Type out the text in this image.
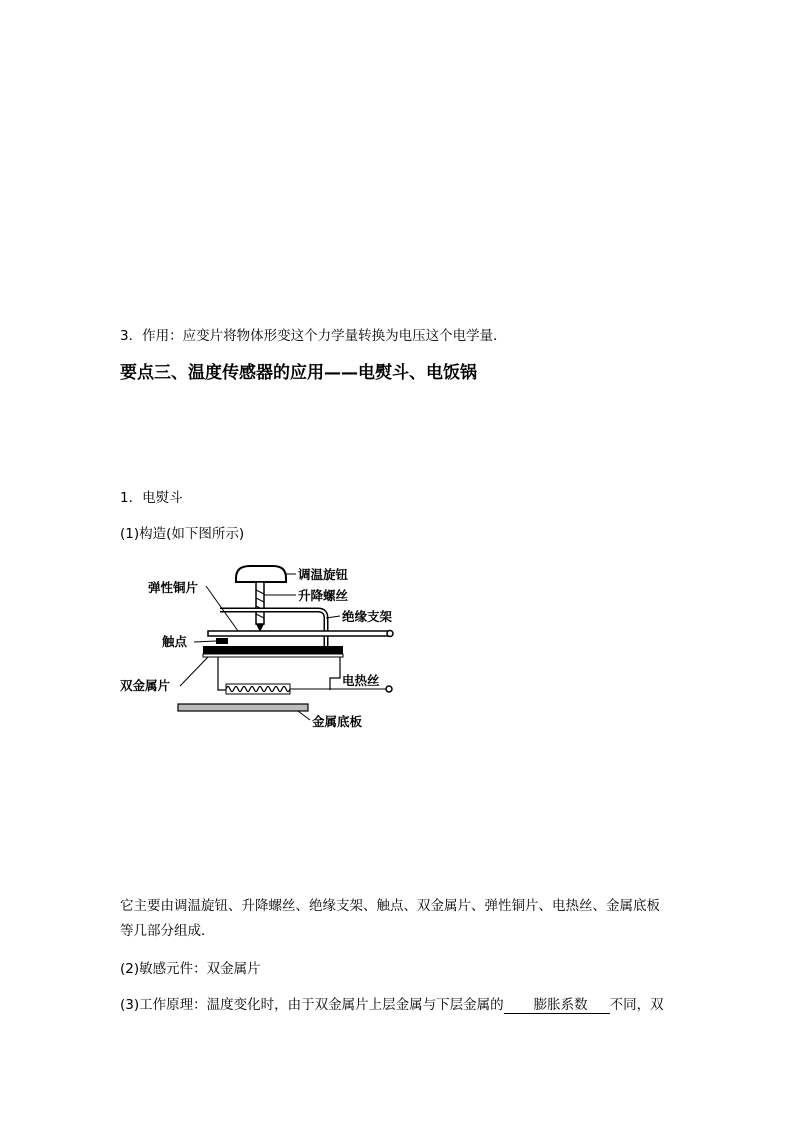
3．作用：应变片将物体形变这个力学量转换为电压这个电学量．
要点三、温度传感器的应用——电熨斗、电饭锅
1．电熨斗
(1)构造(如下图所示)
调温旋钮
升降螺丝
弹性铜片
绝缘支架
触点
双金属片	电热丝
金属底板
它主要由调温旋钮、升降螺丝、绝缘支架、触点、双金属片、弹性铜片、电热丝、金属底板
等几部分组成．
(2)敏感元件：双金属片
(3)工作原理：温度变化时，由于双金属片上层金属与下层金属的 膨胀系数 不同，双
